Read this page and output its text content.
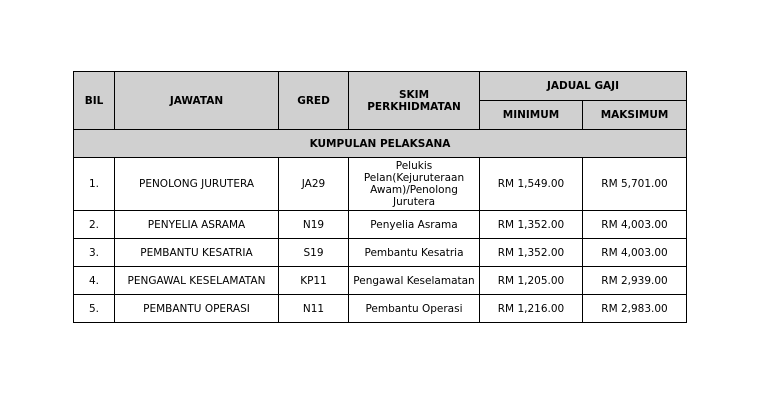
BIL	JAWATAN	GRED	SKIM PERKHIDMATAN	JADUAL GAJI	
				MINIMUM	MAKSIMUM
KUMPULAN PELAKSANA					
1.	PENOLONG JURUTERA	JA29	Pelukis Pelan(Kejuruteraan Awam)/Penolong Jurutera	RM 1,549.00	RM 5,701.00
2.	PENYELIA ASRAMA	N19	Penyelia Asrama	RM 1,352.00	RM 4,003.00
3.	PEMBANTU KESATRIA	S19	Pembantu Kesatria	RM 1,352.00	RM 4,003.00
4.	PENGAWAL KESELAMATAN	KP11	Pengawal Keselamatan	RM 1,205.00	RM 2,939.00
5.	PEMBANTU OPERASI	N11	Pembantu Operasi	RM 1,216.00	RM 2,983.00
